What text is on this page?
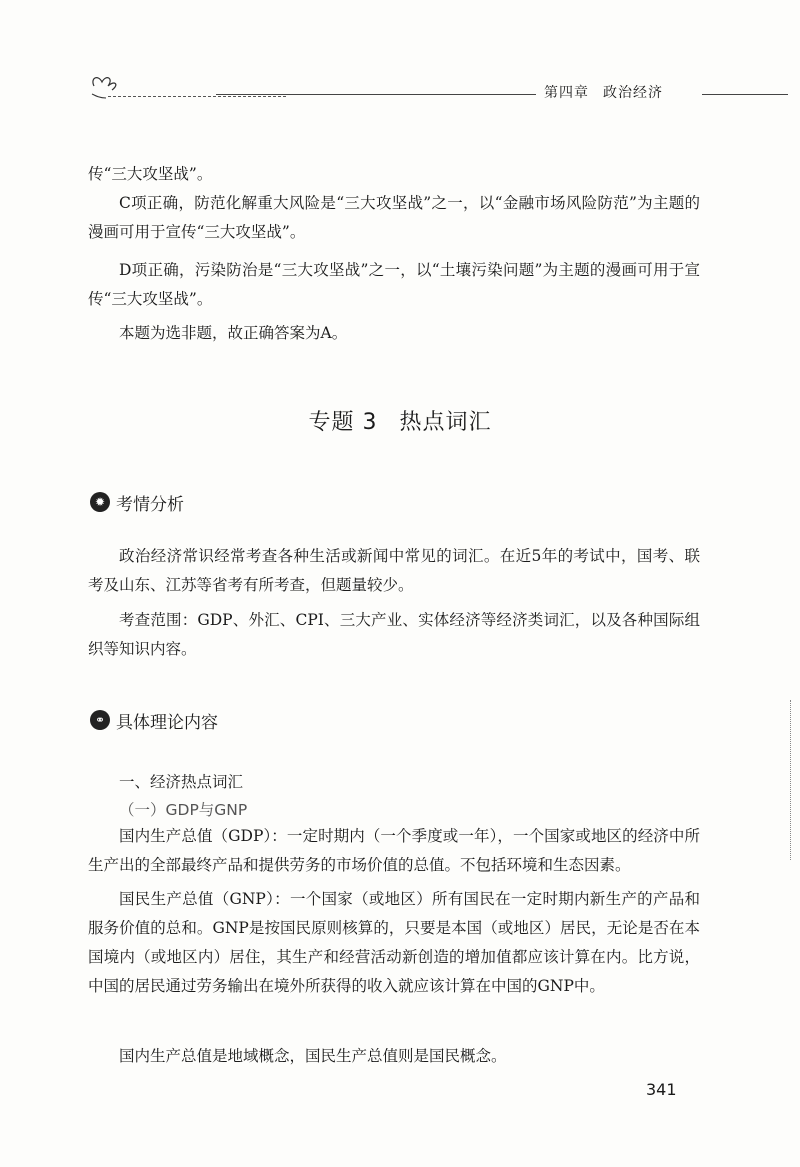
第四章 政治经济

传“三大攻坚战”。

C项正确，防范化解重大风险是“三大攻坚战”之一，以“金融市场风险防范”为主题的漫画可用于宣传“三大攻坚战”。

D项正确，污染防治是“三大攻坚战”之一，以“土壤污染问题”为主题的漫画可用于宣传“三大攻坚战”。

本题为选非题，故正确答案为A。

专题 3 热点词汇
✹ 考情分析

政治经济常识经常考查各种生活或新闻中常见的词汇。在近5年的考试中，国考、联考及山东、江苏等省考有所考查，但题量较少。

考查范围：GDP、外汇、CPI、三大产业、实体经济等经济类词汇，以及各种国际组织等知识内容。

⚭ 具体理论内容
一、经济热点词汇
（一）GDP与GNP

国内生产总值（GDP）：一定时期内（一个季度或一年），一个国家或地区的经济中所生产出的全部最终产品和提供劳务的市场价值的总值。不包括环境和生态因素。

国民生产总值（GNP）：一个国家（或地区）所有国民在一定时期内新生产的产品和服务价值的总和。GNP是按国民原则核算的，只要是本国（或地区）居民，无论是否在本国境内（或地区内）居住，其生产和经营活动新创造的增加值都应该计算在内。比方说，中国的居民通过劳务输出在境外所获得的收入就应该计算在中国的GNP中。

国内生产总值是地域概念，国民生产总值则是国民概念。

341
